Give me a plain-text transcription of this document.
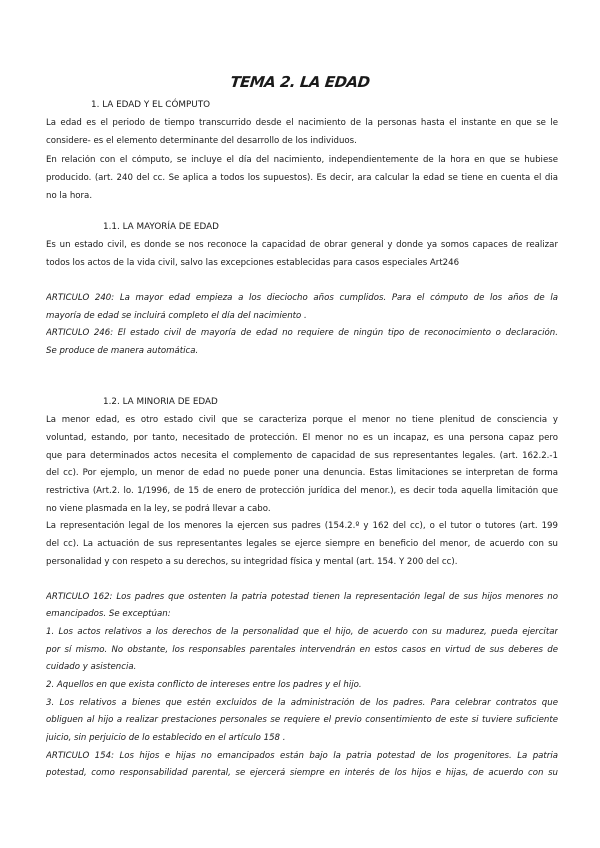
TEMA 2. LA EDAD
1. LA EDAD Y EL CÓMPUTO
La edad es el periodo de tiempo transcurrido desde el nacimiento de la personas hasta el instante en que se le
considere- es el elemento determinante del desarrollo de los individuos.
En relación con el cómputo, se incluye el día del nacimiento, independientemente de la hora en que se hubiese
producido. (art. 240 del cc. Se aplica a todos los supuestos). Es decir, ara calcular la edad se tiene en cuenta el dia
no la hora.
1.1. LA MAYORÍA DE EDAD
Es un estado civil, es donde se nos reconoce la capacidad de obrar general y donde ya somos capaces de realizar
todos los actos de la vida civil, salvo las excepciones establecidas para casos especiales Art246
ARTÍCULO 240: La mayor edad empieza a los dieciocho años cumplidos. Para el cómputo de los años de la
mayoría de edad se incluirá completo el día del nacimiento .
ARTÍCULO 246: El estado civil de mayoría de edad no requiere de ningún tipo de reconocimiento o declaración.
Se produce de manera automática.
1.2. LA MINORIA DE EDAD
La menor edad, es otro estado civil que se caracteriza porque el menor no tiene plenitud de consciencia y
voluntad, estando, por tanto, necesitado de protección. El menor no es un incapaz, es una persona capaz pero
que para determinados actos necesita el complemento de capacidad de sus representantes legales. (art. 162.2.-1
del cc). Por ejemplo, un menor de edad no puede poner una denuncia. Estas limitaciones se interpretan de forma
restrictiva (Art.2. lo. 1/1996, de 15 de enero de protección jurídica del menor.), es decir toda aquella limitación que
no viene plasmada en la ley, se podrá llevar a cabo.
La representación legal de los menores la ejercen sus padres (154.2.º y 162 del cc), o el tutor o tutores (art. 199
del cc). La actuación de sus representantes legales se ejerce siempre en beneficio del menor, de acuerdo con su
personalidad y con respeto a su derechos, su integridad física y mental (art. 154. Y 200 del cc).
ARTÍCULO 162: Los padres que ostenten la patria potestad tienen la representación legal de sus hijos menores no
emancipados. Se exceptúan:
1. Los actos relativos a los derechos de la personalidad que el hijo, de acuerdo con su madurez, pueda ejercitar
por sí mismo. No obstante, los responsables parentales intervendrán en estos casos en virtud de sus deberes de
cuidado y asistencia.
2. Aquellos en que exista conflicto de intereses entre los padres y el hijo.
3. Los relativos a bienes que estén excluidos de la administración de los padres. Para celebrar contratos que
obliguen al hijo a realizar prestaciones personales se requiere el previo consentimiento de este si tuviere suficiente
juicio, sin perjuicio de lo establecido en el artículo 158 .
ARTÍCULO 154: Los hijos e hijas no emancipados están bajo la patria potestad de los progenitores. La patria
potestad, como responsabilidad parental, se ejercerá siempre en interés de los hijos e hijas, de acuerdo con su
